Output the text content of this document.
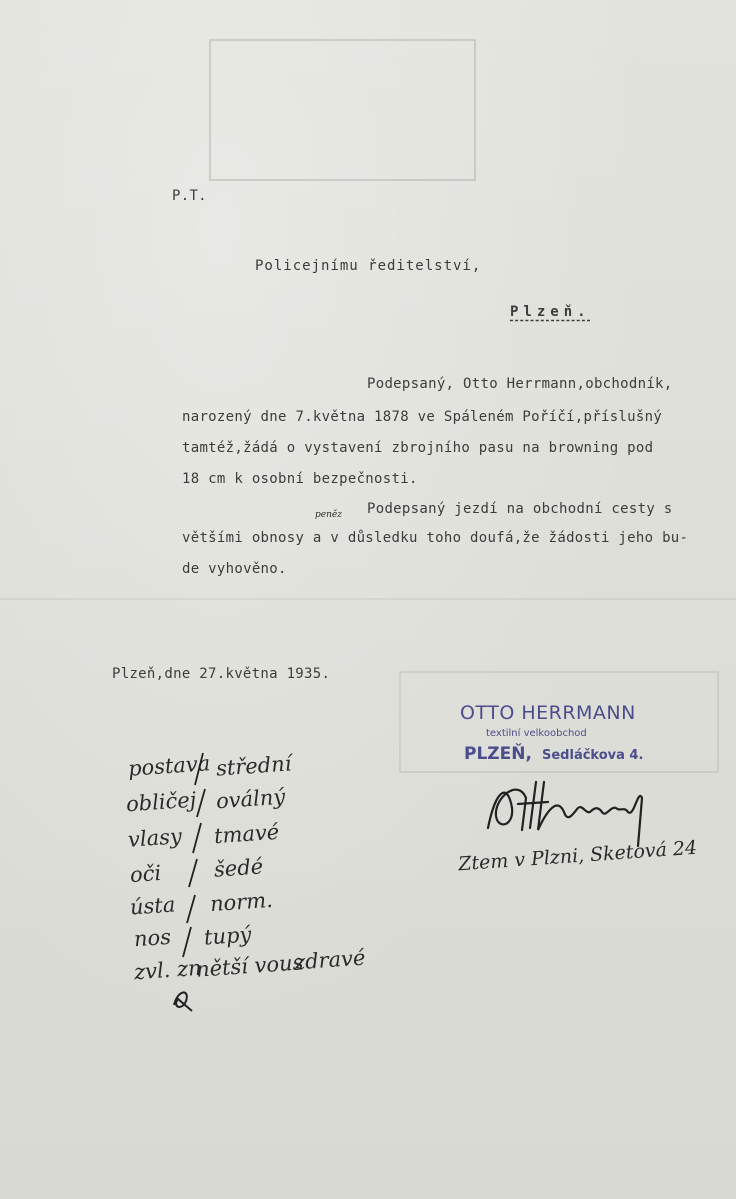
P.T.
Policejnímu ředitelství,
Plzeň.
Podepsaný, Otto Herrmann,obchodník,
narozený dne 7.května 1878 ve Spáleném Poříčí,příslušný
tamtéž,žádá o vystavení zbrojního pasu na browning pod
18 cm k osobní bezpečnosti.
Podepsaný jezdí na obchodní cesty s
peněz
většími obnosy a v důsledku toho doufá,že žádosti jeho bu-
de vyhověno.
Plzeň,dne 27.května 1935.
OTTO HERRMANN
textilní velkoobchod
PLZEŇ, Sedláčkova 4.
Ztem v Plzni, Sketová 24
postava
obličej
vlasy
oči
ústa
nos
zvl. zn
střední
oválný
tmavé
šedé
norm.
tupý
nětší vous
zdravé
